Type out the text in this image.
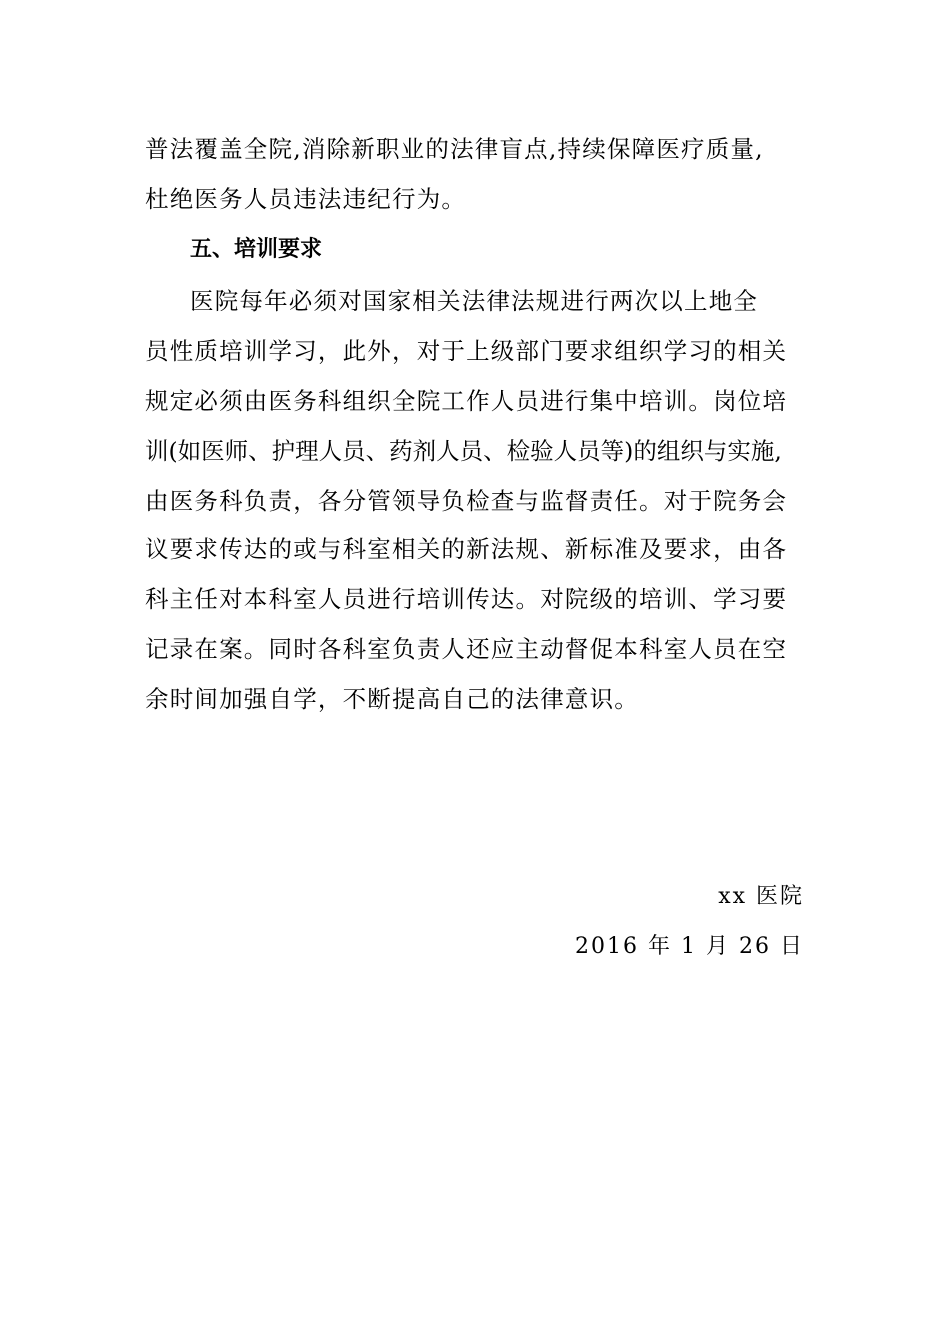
普法覆盖全院,消除新职业的法律盲点,持续保障医疗质量,
杜绝医务人员违法违纪行为。
五、培训要求
医院每年必须对国家相关法律法规进行两次以上地全
员性质培训学习，此外，对于上级部门要求组织学习的相关
规定必须由医务科组织全院工作人员进行集中培训。岗位培
训(如医师、护理人员、药剂人员、检验人员等)的组织与实施,
由医务科负责，各分管领导负检查与监督责任。对于院务会
议要求传达的或与科室相关的新法规、新标准及要求，由各
科主任对本科室人员进行培训传达。对院级的培训、学习要
记录在案。同时各科室负责人还应主动督促本科室人员在空
余时间加强自学，不断提高自己的法律意识。
xx 医院
2016 年 1 月 26 日
